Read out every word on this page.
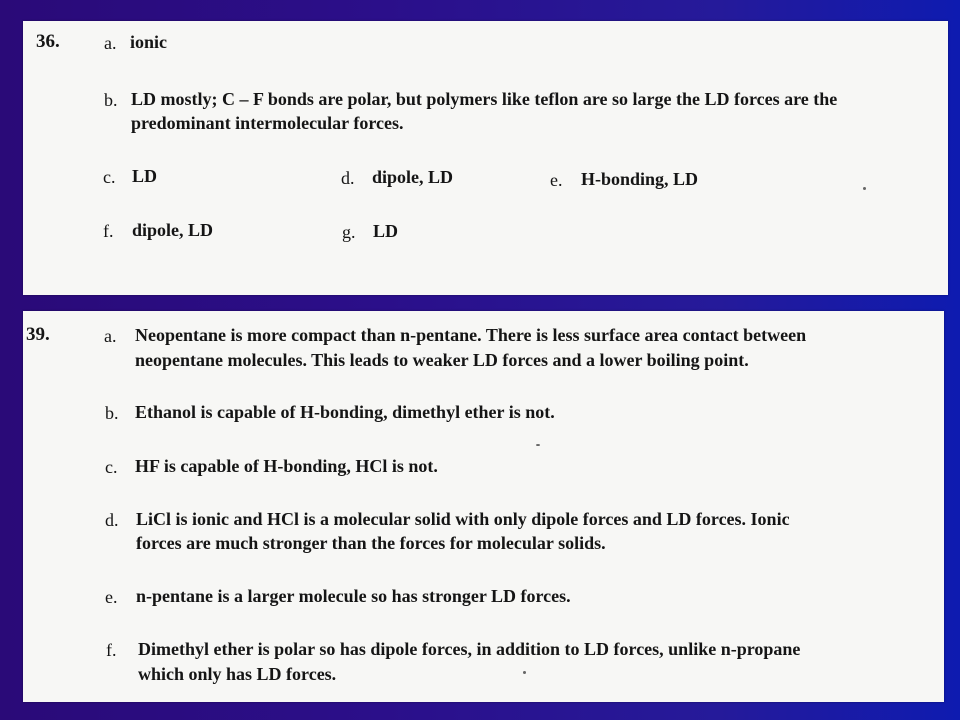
36. a. ionic
b. LD mostly; C – F bonds are polar, but polymers like teflon are so large the LD forces are the
predominant intermolecular forces.
c. LD	d. dipole, LD	e. H-bonding, LD
f. dipole, LD	g. LD
39.	a. Neopentane is more compact than n-pentane. There is less surface area contact between
neopentane molecules. This leads to weaker LD forces and a lower boiling point.
b. Ethanol is capable of H-bonding, dimethyl ether is not.
c. HF is capable of H-bonding, HCl is not.
d. LiCl is ionic and HCl is a molecular solid with only dipole forces and LD forces. Ionic
forces are much stronger than the forces for molecular solids.
e. n-pentane is a larger molecule so has stronger LD forces.
f. Dimethyl ether is polar so has dipole forces, in addition to LD forces, unlike n-propane
which only has LD forces.
